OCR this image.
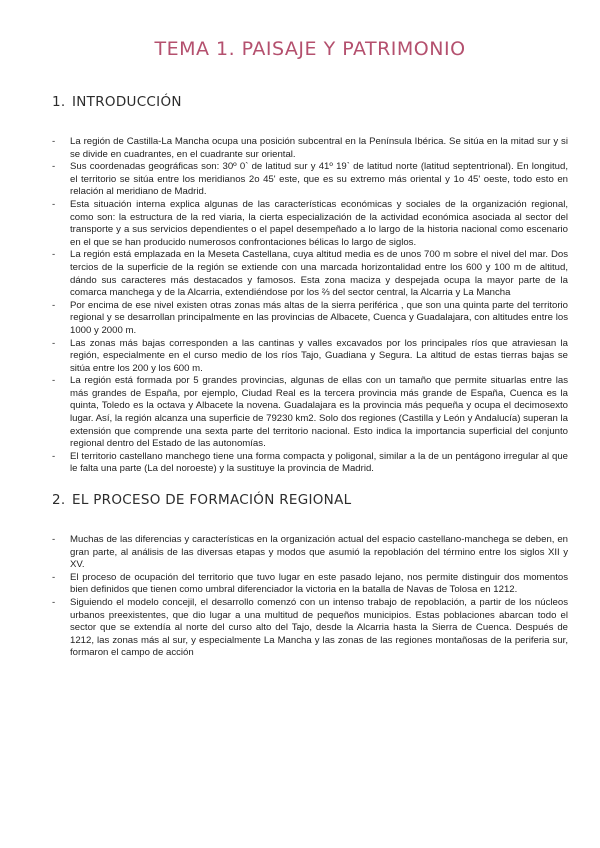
TEMA 1. PAISAJE Y PATRIMONIO
1. INTRODUCCIÓN
- La región de Castilla-La Mancha ocupa una posición subcentral en la Península Ibérica. Se sitúa en la mitad sur y si se divide en cuadrantes, en el cuadrante sur oriental.
- Sus coordenadas geográficas son: 30º 0` de latitud sur y 41º 19` de latitud norte (latitud septentrional). En longitud, el territorio se sitúa entre los meridianos 2o 45' este, que es su extremo más oriental y 1o 45' oeste, todo esto en relación al meridiano de Madrid.
- Esta situación interna explica algunas de las características económicas y sociales de la organización regional, como son: la estructura de la red viaria, la cierta especialización de la actividad económica asociada al sector del transporte y a sus servicios dependientes o el papel desempeñado a lo largo de la historia nacional como escenario en el que se han producido numerosos confrontaciones bélicas lo largo de siglos.
- La región está emplazada en la Meseta Castellana, cuya altitud media es de unos 700 m sobre el nivel del mar. Dos tercios de la superficie de la región se extiende con una marcada horizontalidad entre los 600 y 100 m de altitud, dándo sus caracteres más destacados y famosos. Esta zona maciza y despejada ocupa la mayor parte de la comarca manchega y de la Alcarria, extendiéndose por los ⅔ del sector central, la Alcarria y La Mancha
- Por encima de ese nivel existen otras zonas más altas de la sierra periférica , que son una quinta parte del territorio regional y se desarrollan principalmente en las provincias de Albacete, Cuenca y Guadalajara, con altitudes entre los 1000 y 2000 m.
- Las zonas más bajas corresponden a las cantinas y valles excavados por los principales ríos que atraviesan la región, especialmente en el curso medio de los ríos Tajo, Guadiana y Segura. La altitud de estas tierras bajas se sitúa entre los 200 y los 600 m.
- La región está formada por 5 grandes provincias, algunas de ellas con un tamaño que permite situarlas entre las más grandes de España, por ejemplo, Ciudad Real es la tercera provincia más grande de España, Cuenca es la quinta, Toledo es la octava y Albacete la novena. Guadalajara es la provincia más pequeña y ocupa el decimosexto lugar. Así, la región alcanza una superficie de 79230 km2. Solo dos regiones (Castilla y León y Andalucía) superan la extensión que comprende una sexta parte del territorio nacional. Esto indica la importancia superficial del conjunto regional dentro del Estado de las autonomías.
- El territorio castellano manchego tiene una forma compacta y poligonal, similar a la de un pentágono irregular al que le falta una parte (La del noroeste) y la sustituye la provincia de Madrid.
2. EL PROCESO DE FORMACIÓN REGIONAL
- Muchas de las diferencias y características en la organización actual del espacio castellano-manchega se deben, en gran parte, al análisis de las diversas etapas y modos que asumió la repoblación del término entre los siglos XII y XV.
- El proceso de ocupación del territorio que tuvo lugar en este pasado lejano, nos permite distinguir dos momentos bien definidos que tienen como umbral diferenciador la victoria en la batalla de Navas de Tolosa en 1212.
- Siguiendo el modelo concejil, el desarrollo comenzó con un intenso trabajo de repoblación, a partir de los núcleos urbanos preexistentes, que dio lugar a una multitud de pequeños municipios. Estas poblaciones abarcan todo el sector que se extendía al norte del curso alto del Tajo, desde la Alcarria hasta la Sierra de Cuenca. Después de 1212, las zonas más al sur, y especialmente La Mancha y las zonas de las regiones montañosas de la periferia sur, formaron el campo de acción
